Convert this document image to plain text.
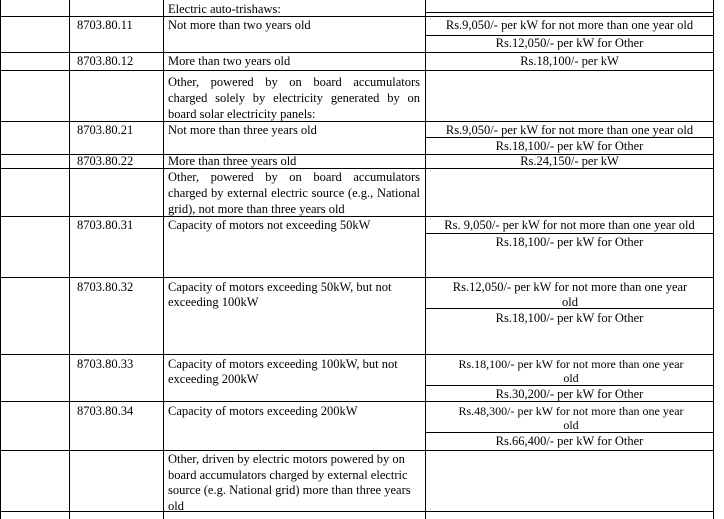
Electric auto-trishaws:
8703.80.11	Not more than two years old	Rs.9,050/- per kW for not more than one year old
Rs.12,050/- per kW for Other
8703.80.12	More than two years old	Rs.18,100/- per kW
Other, powered by on board accumulators charged solely by electricity generated by on board solar electricity panels:
8703.80.21	Not more than three years old	Rs.9,050/- per kW for not more than one year old
Rs.18,100/- per kW for Other
8703.80.22	More than three years old	Rs.24,150/- per kW
Other, powered by on board accumulators charged by external electric source (e.g., National grid), not more than three years old
8703.80.31	Capacity of motors not exceeding 50kW	Rs. 9,050/- per kW for not more than one year old
Rs.18,100/- per kW for Other
8703.80.32	Capacity of motors exceeding 50kW, but not exceeding 100kW
Rs.12,050/- per kW for not more than one year old
Rs.18,100/- per kW for Other
8703.80.33	Capacity of motors exceeding 100kW, but not exceeding 200kW
Rs.18,100/- per kW for not more than one year old
Rs.30,200/- per kW for Other
8703.80.34	Capacity of motors exceeding 200kW	Rs.48,300/- per kW for not more than one year old
Rs.66,400/- per kW for Other
Other, driven by electric motors powered by on board accumulators charged by external electric source (e.g. National grid) more than three years old
